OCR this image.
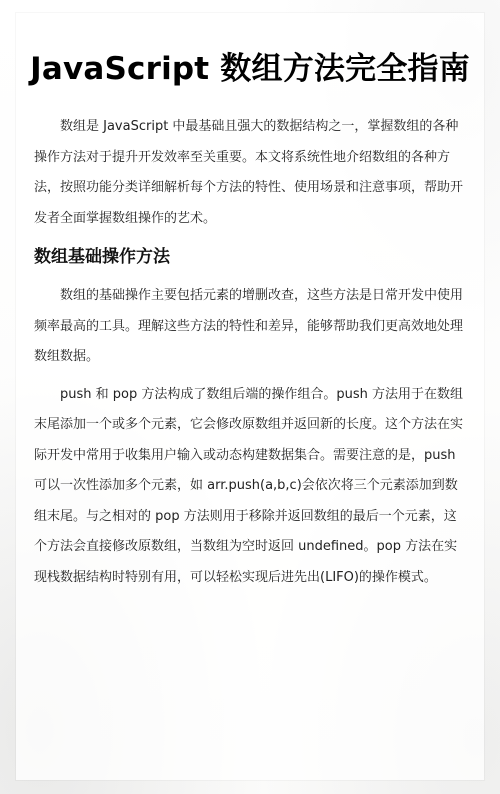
JavaScript 数组方法完全指南

数组是 JavaScript 中最基础且强大的数据结构之一，掌握数组的各种操作方法对于提升开发效率至关重要。本文将系统性地介绍数组的各种方法，按照功能分类详细解析每个方法的特性、使用场景和注意事项，帮助开发者全面掌握数组操作的艺术。

数组基础操作方法

数组的基础操作主要包括元素的增删改查，这些方法是日常开发中使用频率最高的工具。理解这些方法的特性和差异，能够帮助我们更高效地处理数组数据。

push 和 pop 方法构成了数组后端的操作组合。push 方法用于在数组末尾添加一个或多个元素，它会修改原数组并返回新的长度。这个方法在实际开发中常用于收集用户输入或动态构建数据集合。需要注意的是，push 可以一次性添加多个元素，如 arr.push(a,b,c)会依次将三个元素添加到数组末尾。与之相对的 pop 方法则用于移除并返回数组的最后一个元素，这个方法会直接修改原数组，当数组为空时返回 undefined。pop 方法在实现栈数据结构时特别有用，可以轻松实现后进先出(LIFO)的操作模式。
